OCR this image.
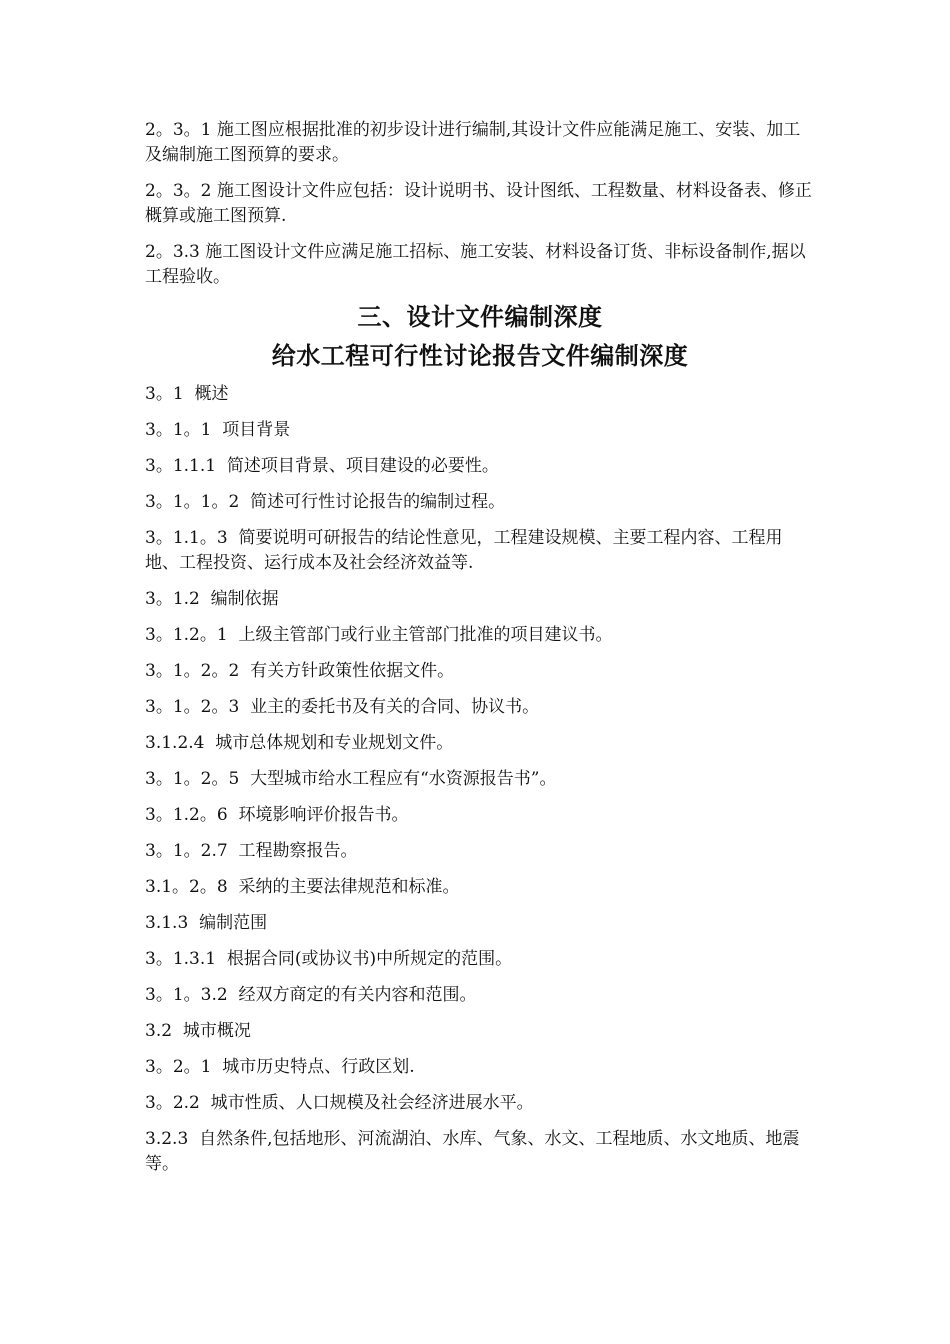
2。3。1 施工图应根据批准的初步设计进行编制,其设计文件应能满足施工、安装、加工及编制施工图预算的要求。

2。3。2 施工图设计文件应包括：设计说明书、设计图纸、工程数量、材料设备表、修正概算或施工图预算.

2。3.3 施工图设计文件应满足施工招标、施工安装、材料设备订货、非标设备制作,据以工程验收。

三、设计文件编制深度
给水工程可行性讨论报告文件编制深度

3。1  概述

3。1。1  项目背景

3。1.1.1  简述项目背景、项目建设的必要性。

3。1。1。2  简述可行性讨论报告的编制过程。

3。1.1。3  简要说明可研报告的结论性意见，工程建设规模、主要工程内容、工程用地、工程投资、运行成本及社会经济效益等.

3。1.2  编制依据

3。1.2。1  上级主管部门或行业主管部门批准的项目建议书。

3。1。2。2  有关方针政策性依据文件。

3。1。2。3  业主的委托书及有关的合同、协议书。

3.1.2.4  城市总体规划和专业规划文件。

3。1。2。5  大型城市给水工程应有“水资源报告书”。

3。1.2。6  环境影响评价报告书。

3。1。2.7  工程勘察报告。

3.1。2。8  采纳的主要法律规范和标准。

3.1.3  编制范围

3。1.3.1  根据合同(或协议书)中所规定的范围。

3。1。3.2  经双方商定的有关内容和范围。

3.2  城市概况

3。2。1  城市历史特点、行政区划.

3。2.2  城市性质、人口规模及社会经济进展水平。

3.2.3  自然条件,包括地形、河流湖泊、水库、气象、水文、工程地质、水文地质、地震等。
